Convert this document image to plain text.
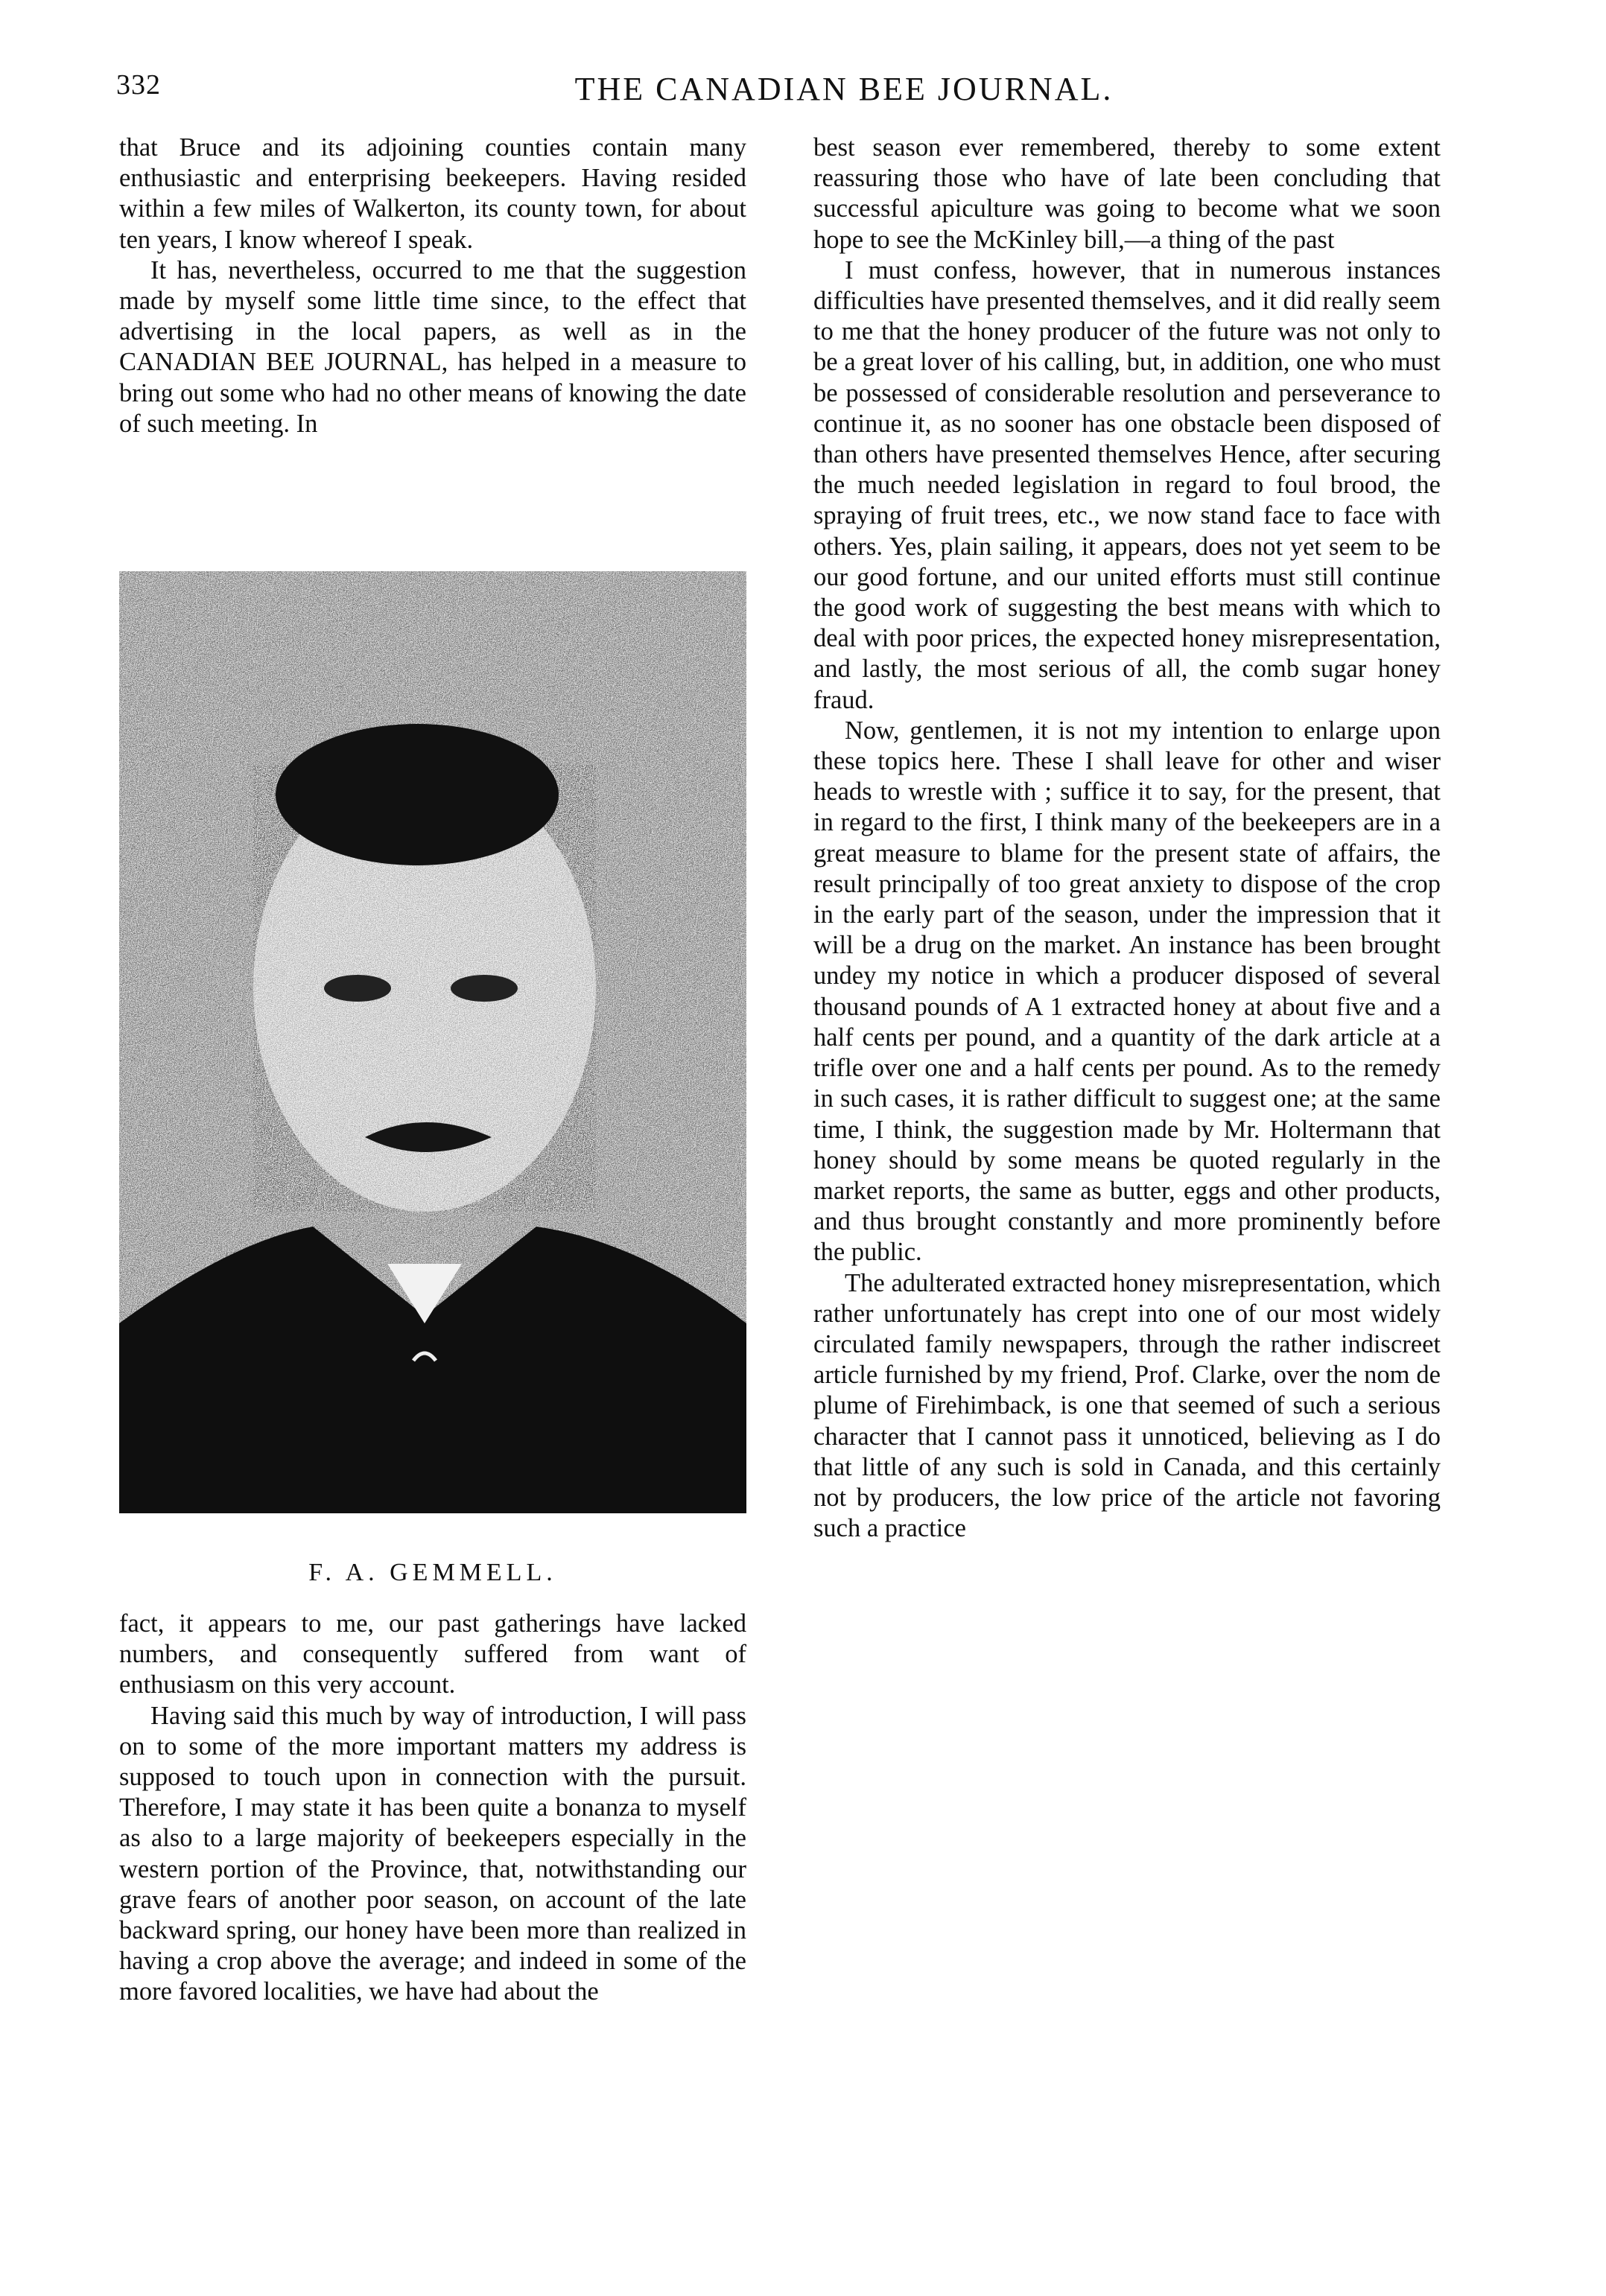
332	THE CANADIAN BEE JOURNAL.

that Bruce and its adjoining counties contain many enthusiastic and enterprising beekeepers. Having resided within a few miles of Walkerton, its county town, for about ten years, I know whereof I speak.

It has, nevertheless, occurred to me that the suggestion made by myself some little time since, to the effect that advertising in the local papers, as well as in the CANADIAN BEE JOURNAL, has helped in a measure to bring out some who had no other means of knowing the date of such meeting. In

F. A. GEMMELL.

fact, it appears to me, our past gatherings have lacked numbers, and consequently suffered from want of enthusiasm on this very account.

Having said this much by way of introduction, I will pass on to some of the more important matters my address is supposed to touch upon in connection with the pursuit. Therefore, I may state it has been quite a bonanza to myself as also to a large majority of beekeepers especially in the western portion of the Province, that, notwithstanding our grave fears of another poor season, on account of the late backward spring, our honey have been more than realized in having a crop above the average; and indeed in some of the more favored localities, we have had about the

best season ever remembered, thereby to some extent reassuring those who have of late been concluding that successful apiculture was going to become what we soon hope to see the McKinley bill,—a thing of the past

I must confess, however, that in numerous instances difficulties have presented themselves, and it did really seem to me that the honey producer of the future was not only to be a great lover of his calling, but, in addition, one who must be possessed of considerable resolution and perseverance to continue it, as no sooner has one obstacle been disposed of than others have presented themselves Hence, after securing the much needed legislation in regard to foul brood, the spraying of fruit trees, etc., we now stand face to face with others. Yes, plain sailing, it appears, does not yet seem to be our good fortune, and our united efforts must still continue the good work of suggesting the best means with which to deal with poor prices, the expected honey misrepresentation, and lastly, the most serious of all, the comb sugar honey fraud.

Now, gentlemen, it is not my intention to enlarge upon these topics here. These I shall leave for other and wiser heads to wrestle with ; suffice it to say, for the present, that in regard to the first, I think many of the beekeepers are in a great measure to blame for the present state of affairs, the result principally of too great anxiety to dispose of the crop in the early part of the season, under the impression that it will be a drug on the market. An instance has been brought undey my notice in which a producer disposed of several thousand pounds of A 1 extracted honey at about five and a half cents per pound, and a quantity of the dark article at a trifle over one and a half cents per pound. As to the remedy in such cases, it is rather difficult to suggest one; at the same time, I think, the suggestion made by Mr. Holtermann that honey should by some means be quoted regularly in the market reports, the same as butter, eggs and other products, and thus brought constantly and more prominently before the public.

The adulterated extracted honey misrepresentation, which rather unfortunately has crept into one of our most widely circulated family newspapers, through the rather indiscreet article furnished by my friend, Prof. Clarke, over the nom de plume of Firehimback, is one that seemed of such a serious character that I cannot pass it unnoticed, believing as I do that little of any such is sold in Canada, and this certainly not by producers, the low price of the article not favoring such a practice
